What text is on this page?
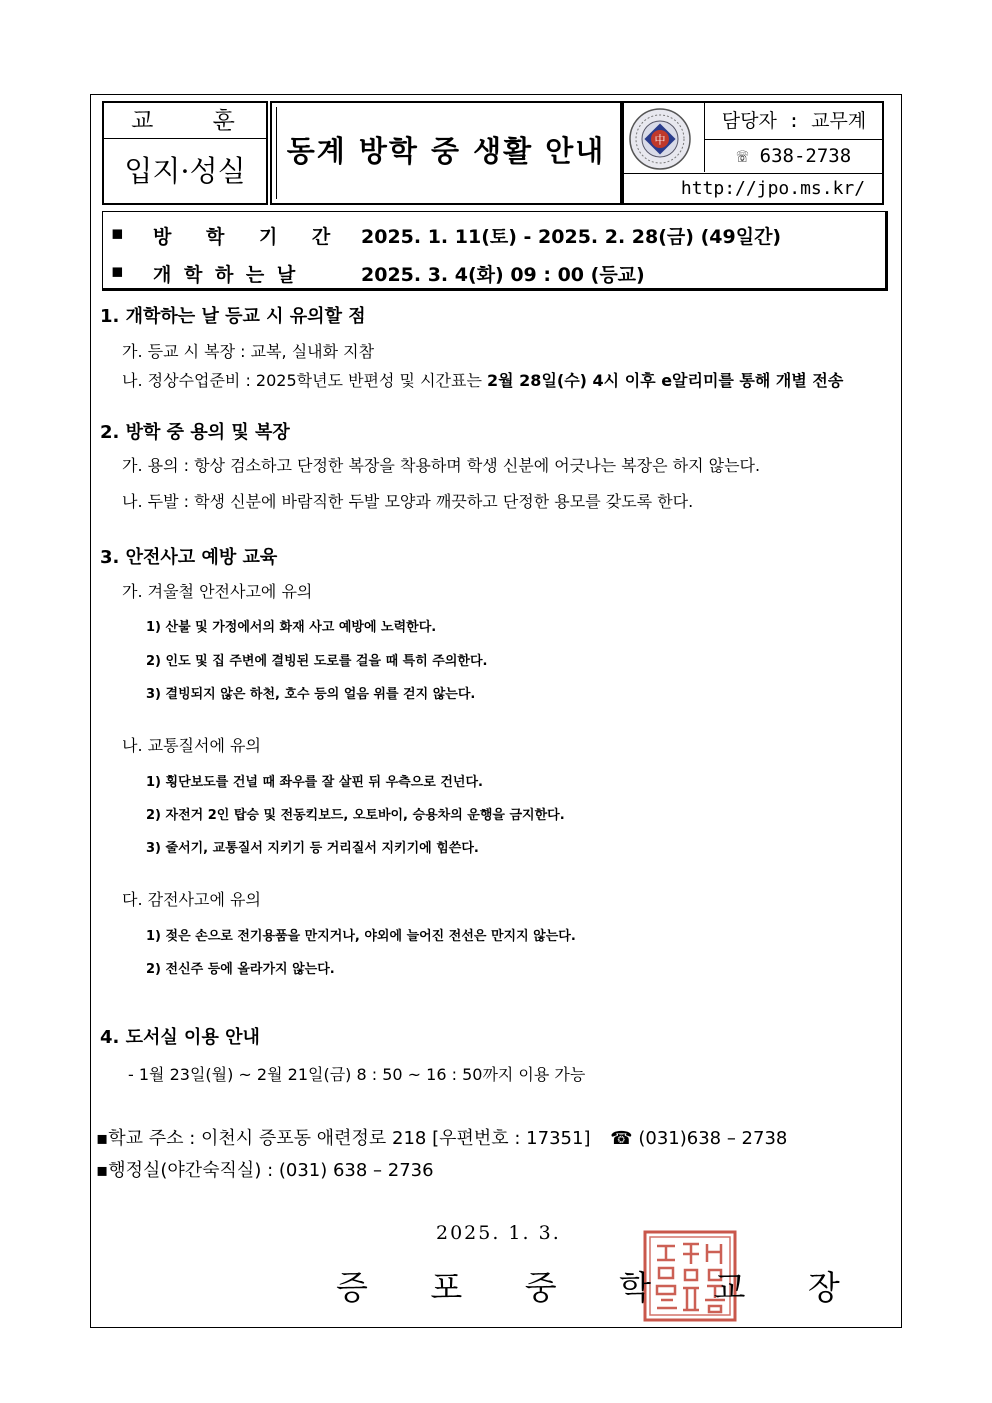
교 훈
입지·성실
동계 방학 중 생활 안내	中
담당자 : 교무계
☏ 638-2738
http://jpo.ms.kr/
▪ 방 학 기 간 2025. 1. 11(토) - 2025. 2. 28(금) (49일간)
▪ 개 학 하 는 날	2025. 3. 4(화) 09 : 00 (등교)
1. 개학하는 날 등교 시 유의할 점
가. 등교 시 복장 : 교복, 실내화 지참
나. 정상수업준비 : 2025학년도 반편성 및 시간표는 2월 28일(수) 4시 이후 e알리미를 통해 개별 전송
2. 방학 중 용의 및 복장
가. 용의 : 항상 검소하고 단정한 복장을 착용하며 학생 신분에 어긋나는 복장은 하지 않는다.
나. 두발 : 학생 신분에 바람직한 두발 모양과 깨끗하고 단정한 용모를 갖도록 한다.
3. 안전사고 예방 교육
가. 겨울철 안전사고에 유의
1) 산불 및 가정에서의 화재 사고 예방에 노력한다.
2) 인도 및 집 주변에 결빙된 도로를 걸을 때 특히 주의한다.
3) 결빙되지 않은 하천, 호수 등의 얼음 위를 걷지 않는다.
나. 교통질서에 유의
1) 횡단보도를 건널 때 좌우를 잘 살핀 뒤 우측으로 건넌다.
2) 자전거 2인 탑승 및 전동킥보드, 오토바이, 승용차의 운행을 금지한다.
3) 줄서기, 교통질서 지키기 등 거리질서 지키기에 힘쓴다.
다. 감전사고에 유의
1) 젖은 손으로 전기용품을 만지거나, 야외에 늘어진 전선은 만지지 않는다.
2) 전신주 등에 올라가지 않는다.
4. 도서실 이용 안내
- 1월 23일(월) ~ 2월 21일(금) 8 : 50 ~ 16 : 50까지 이용 가능
▪학교 주소 : 이천시 증포동 애련정로 218 [우편번호 : 17351] ☎ (031)638 – 2738
▪행정실(야간숙직실) : (031) 638 – 2736
2025. 1. 3.
증 포 중 학 교 장
